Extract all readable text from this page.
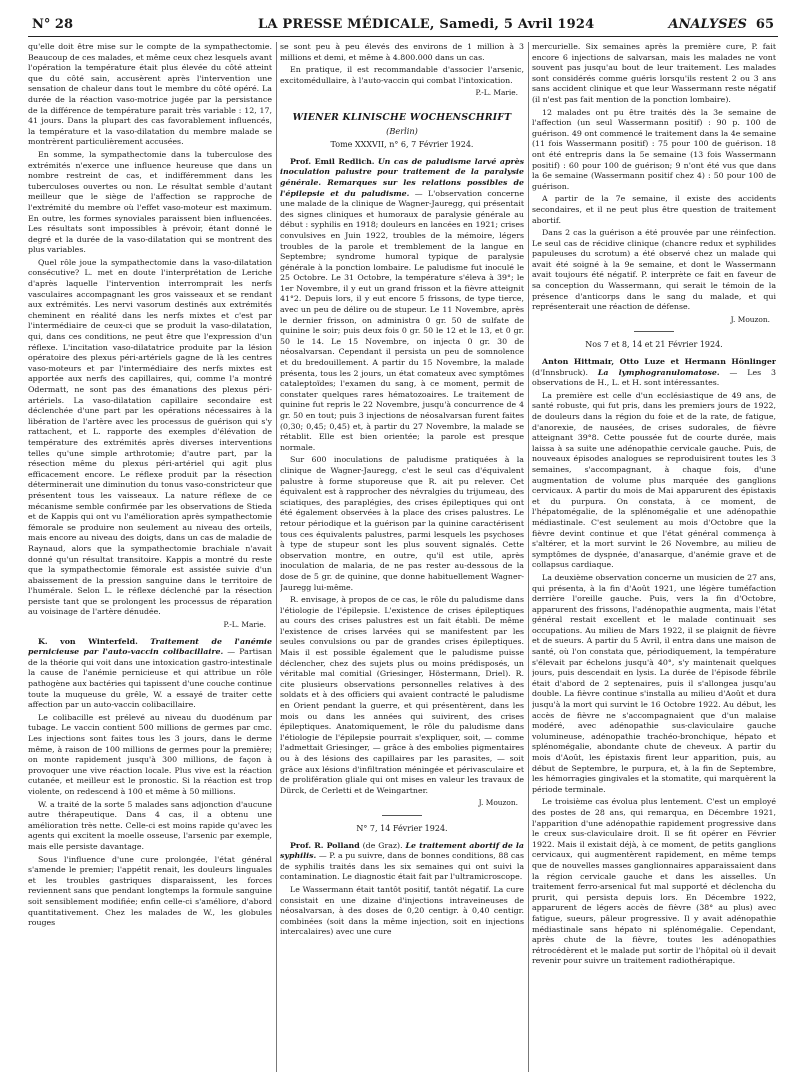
N° 28	LA PRESSE MÉDICALE, Samedi, 5 Avril 1924	ANALYSES 65

qu'elle doit être mise sur le compte de la sympathectomie. Beaucoup de ces malades, et même ceux chez lesquels avant l'opération la température était plus élevée du côté atteint que du côté sain, accusèrent après l'intervention une sensation de chaleur dans tout le membre du côté opéré. La durée de la réaction vaso-motrice jugée par la persistance de la différence de température parait très variable : 12, 17, 41 jours. Dans la plupart des cas favorablement influencés, la température et la vaso-dilatation du membre malade se montrèrent particulièrement accusées.

En somme, la sympathectomie dans la tuberculose des extrémités n'exerce une influence heureuse que dans un nombre restreint de cas, et indifféremment dans les tuberculoses ouvertes ou non. Le résultat semble d'autant meilleur que le siège de l'affection se rapproche de l'extrémité du membre où l'effet vaso-moteur est maximum. En outre, les formes synoviales paraissent bien influencées. Les résultats sont impossibles à prévoir, étant donné le degré et la durée de la vaso-dilatation qui se montrent des plus variables.

Quel rôle joue la sympathectomie dans la vaso-dilatation consécutive? L. met en doute l'interprétation de Leriche d'après laquelle l'intervention interromprait les nerfs vasculaires accompagnant les gros vaisseaux et se rendant aux extrémités. Les nervi vasorum destinés aux extrémités cheminent en réalité dans les nerfs mixtes et c'est par l'intermédiaire de ceux-ci que se produit la vaso-dilatation, qui, dans ces conditions, ne peut être que l'expression d'un réflexe. L'incitation vaso-dilatatrice produite par la lésion opératoire des plexus péri-artériels gagne de là les centres vaso-moteurs et par l'intermédiaire des nerfs mixtes est apportée aux nerfs des capillaires, qui, comme l'a montré Odermatt, ne sont pas des émanations des plexus péri-artériels. La vaso-dilatation capillaire secondaire est déclenchée d'une part par les opérations nécessaires à la libération de l'artère avec les processus de guérison qui s'y rattachent, et L. rapporte des exemples d'élévation de température des extrémités après diverses interventions telles qu'une simple arthrotomie; d'autre part, par la résection même du plexus péri-artériel qui agit plus efficacement encore. Le réflexe produit par la résection déterminerait une diminution du tonus vaso-constricteur que présentent tous les vaisseaux. La nature réflexe de ce mécanisme semble confirmée par les observations de Stieda et de Kappis qui ont vu l'amélioration après sympathectomie fémorale se produire non seulement au niveau des orteils, mais encore au niveau des doigts, dans un cas de maladie de Raynaud, alors que la sympathectomie brachiale n'avait donné qu'un résultat transitoire. Kappis a montré du reste que la sympathectomie fémorale est assistée suivie d'un abaissement de la pression sanguine dans le territoire de l'humérale. Selon L. le réflexe déclenché par la résection persiste tant que se prolongent les processus de réparation au voisinage de l'artère dénudée.

P.-L. Marie.

K. von Winterfeld. Traitement de l'anémie pernicieuse par l'auto-vaccin colibacillaire. — Partisan de la théorie qui voit dans une intoxication gastro-intestinale la cause de l'anémie pernicieuse et qui attribue un rôle pathogène aux bactéries qui tapissent d'une couche continue toute la muqueuse du grêle, W. a essayé de traiter cette affection par un auto-vaccin colibacillaire.

Le colibacille est prélevé au niveau du duodénum par tubage. Le vaccin contient 500 millions de germes par cmc. Les injections sont faites tous les 3 jours, dans le derme même, à raison de 100 millions de germes pour la première; on monte rapidement jusqu'à 300 millions, de façon à provoquer une vive réaction locale. Plus vive est la réaction cutanée, et meilleur est le pronostic. Si la réaction est trop violente, on redescend à 100 et même à 50 millions.

W. a traité de la sorte 5 malades sans adjonction d'aucune autre thérapeutique. Dans 4 cas, il a obtenu une amélioration très nette. Celle-ci est moins rapide qu'avec les agents qui excitent la moelle osseuse, l'arsenic par exemple, mais elle persiste davantage.

Sous l'influence d'une cure prolongée, l'état général s'amende le premier; l'appétit renait, les douleurs linguales et les troubles gastriques disparaissent, les forces reviennent sans que pendant longtemps la formule sanguine soit sensiblement modifiée; enfin celle-ci s'améliore, d'abord quantitativement. Chez les malades de W., les globules rouges

se sont peu à peu élevés des environs de 1 million à 3 millions et demi, et même à 4.800.000 dans un cas.

En pratique, il est recommandable d'associer l'arsenic, excitomédullaire, à l'auto-vaccin qui combat l'intoxication.

P.-L. Marie.
WIENER KLINISCHE WOCHENSCHRIFT
(Berlin)
Tome XXXVII, n° 6, 7 Février 1924.

Prof. Emil Redlich. Un cas de paludisme larvé après inoculation palustre pour traitement de la paralysie générale. Remarques sur les relations possibles de l'épilepsie et du paludisme. — L'observation concerne une malade de la clinique de Wagner-Jauregg, qui présentait des signes cliniques et humoraux de paralysie générale au début : syphilis en 1918; douleurs en lancées en 1921; crises convulsives en Juin 1922, troubles de la mémoire, légers troubles de la parole et tremblement de la langue en Septembre; syndrome humoral typique de paralysie générale à la ponction lombaire. Le paludisme fut inoculé le 25 Octobre. Le 31 Octobre, la température s'éleva à 39°; le 1er Novembre, il y eut un grand frisson et la fièvre atteignit 41°2. Depuis lors, il y eut encore 5 frissons, de type tierce, avec un peu de délire ou de stupeur. Le 11 Novembre, après le dernier frisson, on administra 0 gr. 50 de sulfate de quinine le soir; puis deux fois 0 gr. 50 le 12 et le 13, et 0 gr. 50 le 14. Le 15 Novembre, on injecta 0 gr. 30 de néosalvarsan. Cependant il persista un peu de somnolence et du bredouillement. A partir du 15 Novembre, la malade présenta, tous les 2 jours, un état comateux avec symptômes cataleptoïdes; l'examen du sang, à ce moment, permit de constater quelques rares hématozoaires. Le traitement de quinine fut repris le 22 Novembre, jusqu'à concurrence de 4 gr. 50 en tout; puis 3 injections de néosalvarsan furent faites (0,30; 0,45; 0,45) et, à partir du 27 Novembre, la malade se rétablit. Elle est bien orientée; la parole est presque normale.

Sur 600 inoculations de paludisme pratiquées à la clinique de Wagner-Jauregg, c'est le seul cas d'équivalent palustre à forme stuporeuse que R. ait pu relever. Cet équivalent est à rapprocher des névralgies du trijumeau, des sciatiques, des paraplégies, des crises épileptiques qui ont été également observées à la place des crises palustres. Le retour périodique et la guérison par la quinine caractérisent tous ces équivalents palustres, parmi lesquels les psychoses à type de stupeur sont les plus souvent signalés. Cette observation montre, en outre, qu'il est utile, après inoculation de malaria, de ne pas rester au-dessous de la dose de 5 gr. de quinine, que donne habituellement Wagner-Jauregg lui-même.

R. envisage, à propos de ce cas, le rôle du paludisme dans l'étiologie de l'épilepsie. L'existence de crises épileptiques au cours des crises palustres est un fait établi. De même l'existence de crises larvées qui se manifestent par les seules convulsions ou par de grandes crises épileptiques. Mais il est possible également que le paludisme puisse déclencher, chez des sujets plus ou moins prédisposés, un véritable mal comitial (Griesinger, Höstermann, Driel). R. cite plusieurs observations personnelles relatives à des soldats et à des officiers qui avaient contracté le paludisme en Orient pendant la guerre, et qui présentèrent, dans les mois ou dans les années qui suivirent, des crises épileptiques. Anatomiquement, le rôle du paludisme dans l'étiologie de l'épilepsie pourrait s'expliquer, soit, — comme l'admettait Griesinger, — grâce à des embolies pigmentaires ou à des lésions des capillaires par les parasites, — soit grâce aux lésions d'infiltration méningée et périvasculaire et de prolifération gliale qui ont mises en valeur les travaux de Dürck, de Cerletti et de Weingartner.

J. Mouzon.
N° 7, 14 Février 1924.

Prof. R. Polland (de Graz). Le traitement abortif de la syphilis. — P. a pu suivre, dans de bonnes conditions, 88 cas de syphilis traités dans les six semaines qui ont suivi la contamination. Le diagnostic était fait par l'ultramicroscope.

Le Wassermann était tantôt positif, tantôt négatif. La cure consistait en une dizaine d'injections intraveineuses de néosalvarsan, à des doses de 0,20 centigr. à 0,40 centigr. combinées (soit dans la même injection, soit en injections intercalaires) avec une cure

mercurielle. Six semaines après la première cure, P. fait encore 6 injections de salvarsan, mais les malades ne vont souvent pas jusqu'au bout de leur traitement. Les malades sont considérés comme guéris lorsqu'ils restent 2 ou 3 ans sans accident clinique et que leur Wassermann reste négatif (il n'est pas fait mention de la ponction lombaire).

12 malades ont pu être traités dès la 3e semaine de l'affection (un seul Wassermann positif) : 90 p. 100 de guérison. 49 ont commencé le traitement dans la 4e semaine (11 fois Wassermann positif) : 75 pour 100 de guérison. 18 ont été entrepris dans la 5e semaine (13 fois Wassermann positif) : 60 pour 100 de guérison; 9 n'ont été vus que dans la 6e semaine (Wassermann positif chez 4) : 50 pour 100 de guérison.

A partir de la 7e semaine, il existe des accidents secondaires, et il ne peut plus être question de traitement abortif.

Dans 2 cas la guérison a été prouvée par une réinfection. Le seul cas de récidive clinique (chancre redux et syphilides papuleuses du scrotum) a été observé chez un malade qui avait été soigné à la 9e semaine, et dont le Wassermann avait toujours été négatif. P. interprète ce fait en faveur de sa conception du Wassermann, qui serait le témoin de la présence d'anticorps dans le sang du malade, et qui représenterait une réaction de défense.

J. Mouzon.
Nos 7 et 8, 14 et 21 Février 1924.

Anton Hittmair, Otto Luze et Hermann Hönlinger (d'Innsbruck). La lymphogranulomatose. — Les 3 observations de H., L. et H. sont intéressantes.

La première est celle d'un ecclésiastique de 49 ans, de santé robuste, qui fut pris, dans les premiers jours de 1922, de douleurs dans la région du foie et de la rate, de fatigue, d'anorexie, de nausées, de crises sudorales, de fièvre atteignant 39°8. Cette poussée fut de courte durée, mais laissa à sa suite une adénopathie cervicale gauche. Puis, de nouveaux épisodes analogues se reproduisirent toutes les 3 semaines, s'accompagnant, à chaque fois, d'une augmentation de volume plus marquée des ganglions cervicaux. A partir du mois de Mai apparurent des épistaxis et du purpura. On constata, à ce moment, de l'hépatomégalie, de la splénomégalie et une adénopathie médiastinale. C'est seulement au mois d'Octobre que la fièvre devint continue et que l'état général commença à s'altérer, et la mort survint le 26 Novembre, au milieu de symptômes de dyspnée, d'anasarque, d'anémie grave et de collapsus cardiaque.

La deuxième observation concerne un musicien de 27 ans, qui présenta, à la fin d'Août 1921, une légère tuméfaction derrière l'oreille gauche. Puis, vers la fin d'Octobre, apparurent des frissons, l'adénopathie augmenta, mais l'état général restait excellent et le malade continuait ses occupations. Au milieu de Mars 1922, il se plaignit de fièvre et de sueurs. A partir du 5 Avril, il entra dans une maison de santé, où l'on constata que, périodiquement, la température s'élevait par échelons jusqu'à 40°, s'y maintenait quelques jours, puis descendait en lysis. La durée de l'épisode fébrile était d'abord de 2 septenaires, puis il s'allongea jusqu'au double. La fièvre continue s'installa au milieu d'Août et dura jusqu'à la mort qui survint le 16 Octobre 1922. Au début, les accès de fièvre ne s'accompagnaient que d'un malaise modéré, avec adénopathie sus-claviculaire gauche volumineuse, adénopathie trachéo-bronchique, hépato et splénomégalie, abondante chute de cheveux. A partir du mois d'Août, les épistaxis firent leur apparition, puis, au début de Septembre, le purpura, et, à la fin de Septembre, les hémorragies gingivales et la stomatite, qui marquèrent la période terminale.

Le troisième cas évolua plus lentement. C'est un employé des postes de 28 ans, qui remarqua, en Décembre 1921, l'apparition d'une adénopathie rapidement progressive dans le creux sus-claviculaire droit. Il se fit opérer en Février 1922. Mais il existait déjà, à ce moment, de petits ganglions cervicaux, qui augmentèrent rapidement, en même temps que de nouvelles masses ganglionnaires apparaissaient dans la région cervicale gauche et dans les aisselles. Un traitement ferro-arsenical fut mal supporté et déclencha du prurit, qui persista depuis lors. En Décembre 1922, apparurent de légers accès de fièvre (38° au plus) avec fatigue, sueurs, pâleur progressive. Il y avait adénopathie médiastinale sans hépato ni splénomégalie. Cependant, après chute de la fièvre, toutes les adénopathies rétrocédèrent et le malade put sortir de l'hôpital où il devait revenir pour suivre un traitement radiothérapique.
